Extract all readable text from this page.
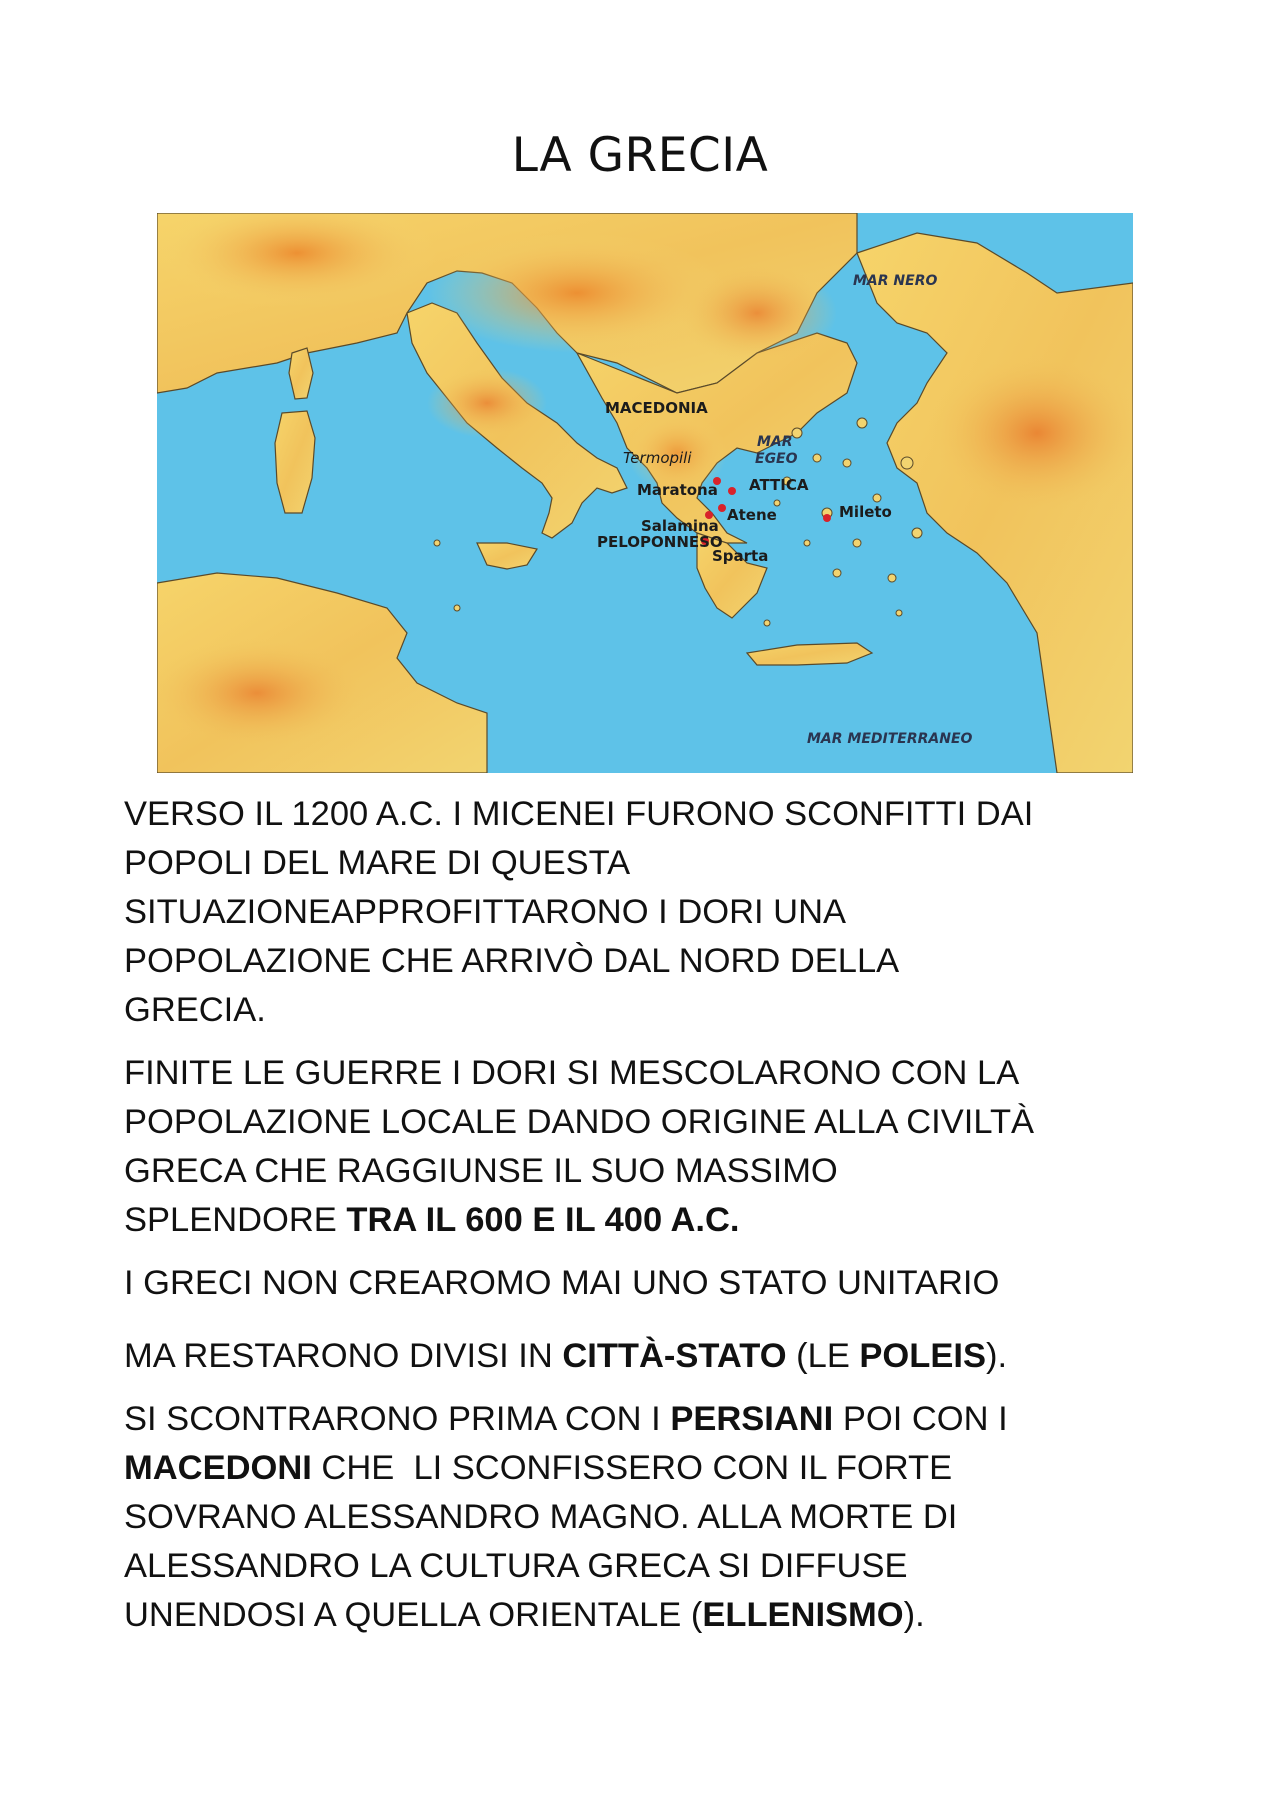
LA GRECIA
MAR NERO
MACEDONIA
MAR
EGEO
Termopili
Maratona ATTICA
Atene	Mileto
Salamina
PELOPONNESO
Sparta
MAR MEDITERRANEO

VERSO IL 1200 A.C. I MICENEI FURONO SCONFITTI DAI
POPOLI DEL MARE DI QUESTA
SITUAZIONEAPPROFITTARONO I DORI UNA
POPOLAZIONE CHE ARRIVÒ DAL NORD DELLA
GRECIA.

FINITE LE GUERRE I DORI SI MESCOLARONO CON LA
POPOLAZIONE LOCALE DANDO ORIGINE ALLA CIVILTÀ
GRECA CHE RAGGIUNSE IL SUO MASSIMO
SPLENDORE TRA IL 600 E IL 400 A.C.

I GRECI NON CREAROMO MAI UNO STATO UNITARIO
MA RESTARONO DIVISI IN CITTÀ-STATO (LE POLEIS).

SI SCONTRARONO PRIMA CON I PERSIANI POI CON I
MACEDONI CHE  LI SCONFISSERO CON IL FORTE
SOVRANO ALESSANDRO MAGNO. ALLA MORTE DI
ALESSANDRO LA CULTURA GRECA SI DIFFUSE
UNENDOSI A QUELLA ORIENTALE (ELLENISMO).
